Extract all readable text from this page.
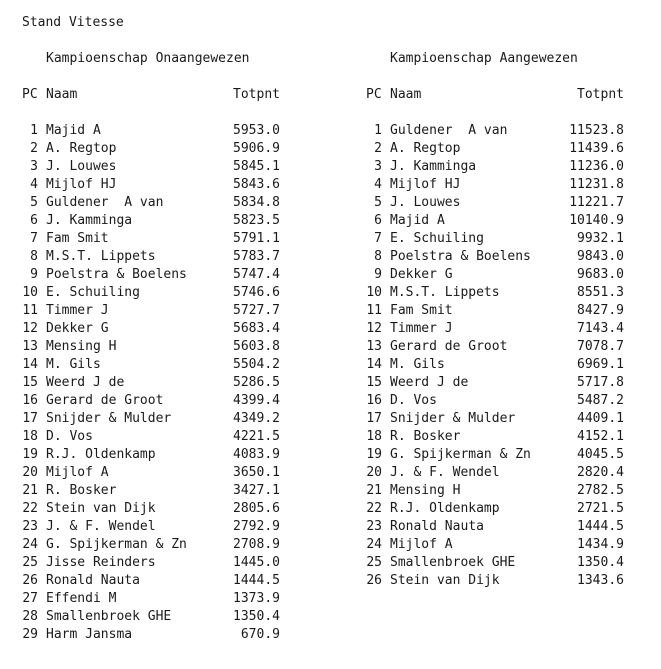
Stand Vitesse
Kampioenschap Onaangewezen
PC Naam	Totpnt
1 Majid A	5953.0
2 A. Regtop	5906.9
3 J. Louwes	5845.1
4 Mijlof HJ	5843.6
5 Guldener  A van	5834.8
6 J. Kamminga	5823.5
7 Fam Smit	5791.1
8 M.S.T. Lippets	5783.7
9 Poelstra & Boelens	5747.4
10 E. Schuiling	5746.6
11 Timmer J	5727.7
12 Dekker G	5683.4
13 Mensing H	5603.8
14 M. Gils	5504.2
15 Weerd J de	5286.5
16 Gerard de Groot	4399.4
17 Snijder & Mulder	4349.2
18 D. Vos	4221.5
19 R.J. Oldenkamp	4083.9
20 Mijlof A	3650.1
21 R. Bosker	3427.1
22 Stein van Dijk	2805.6
23 J. & F. Wendel	2792.9
24 G. Spijkerman & Zn	2708.9
25 Jisse Reinders	1445.0
26 Ronald Nauta	1444.5
27 Effendi M	1373.9
28 Smallenbroek GHE	1350.4
29 Harm Jansma	670.9
Kampioenschap Aangewezen
PC Naam	Totpnt
1 Guldener  A van	11523.8
2 A. Regtop	11439.6
3 J. Kamminga	11236.0
4 Mijlof HJ	11231.8
5 J. Louwes	11221.7
6 Majid A	10140.9
7 E. Schuiling	9932.1
8 Poelstra & Boelens	9843.0
9 Dekker G	9683.0
10 M.S.T. Lippets	8551.3
11 Fam Smit	8427.9
12 Timmer J	7143.4
13 Gerard de Groot	7078.7
14 M. Gils	6969.1
15 Weerd J de	5717.8
16 D. Vos	5487.2
17 Snijder & Mulder	4409.1
18 R. Bosker	4152.1
19 G. Spijkerman & Zn	4045.5
20 J. & F. Wendel	2820.4
21 Mensing H	2782.5
22 R.J. Oldenkamp	2721.5
23 Ronald Nauta	1444.5
24 Mijlof A	1434.9
25 Smallenbroek GHE	1350.4
26 Stein van Dijk	1343.6
